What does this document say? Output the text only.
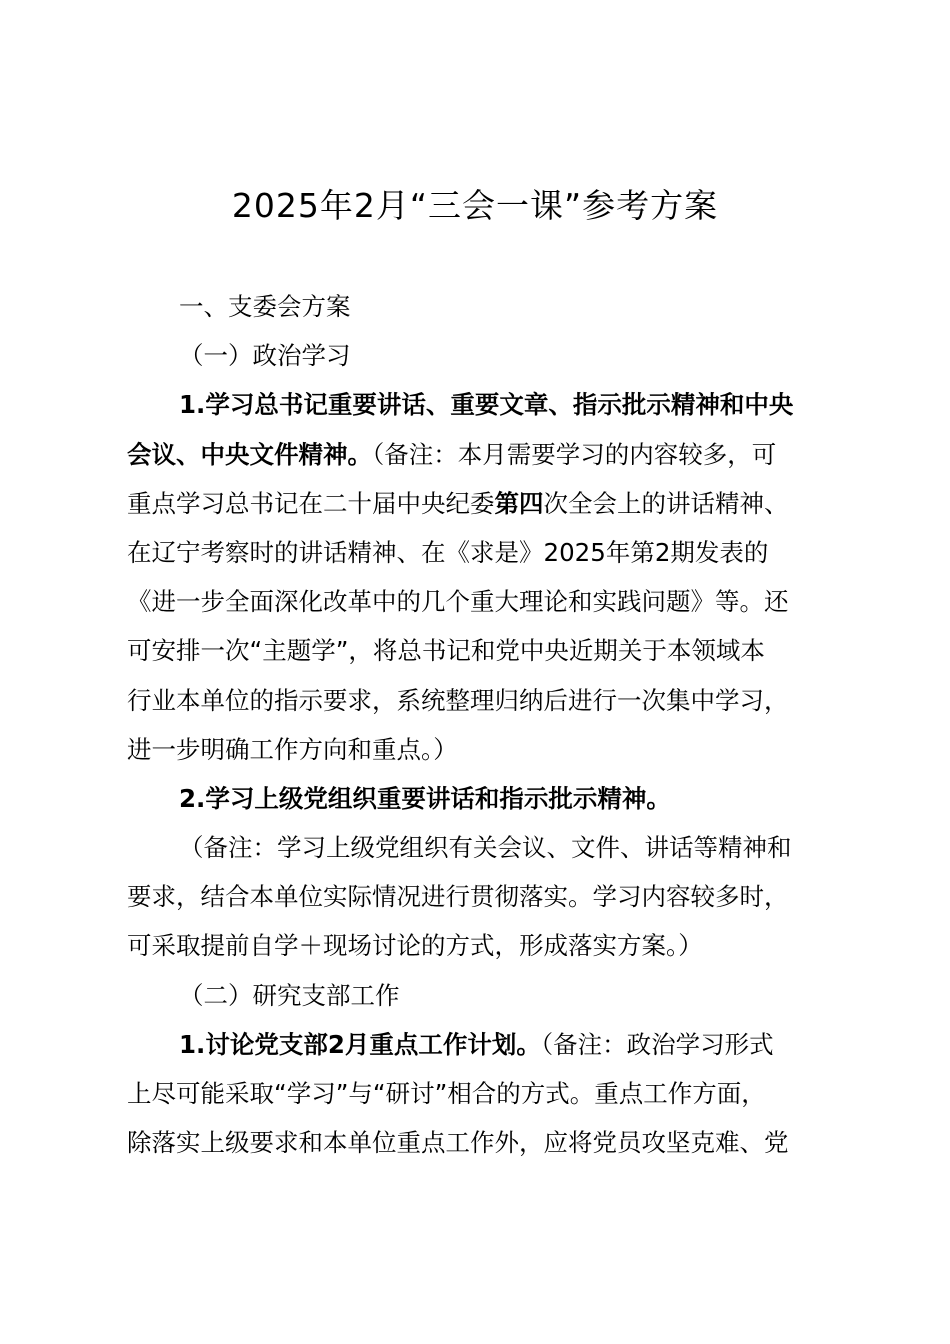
2025年2月“三会一课”参考方案
一、支委会方案
（一）政治学习
1.学习总书记重要讲话、重要文章、指示批示精神和中央
会议、中央文件精神。（备注：本月需要学习的内容较多，可
重点学习总书记在二十届中央纪委第四次全会上的讲话精神、
在辽宁考察时的讲话精神、在《求是》2025年第2期发表的
《进一步全面深化改革中的几个重大理论和实践问题》等。还
可安排一次“主题学”，将总书记和党中央近期关于本领域本
行业本单位的指示要求，系统整理归纳后进行一次集中学习，
进一步明确工作方向和重点。）
2.学习上级党组织重要讲话和指示批示精神。
（备注：学习上级党组织有关会议、文件、讲话等精神和
要求，结合本单位实际情况进行贯彻落实。学习内容较多时，
可采取提前自学＋现场讨论的方式，形成落实方案。）
（二）研究支部工作
1.讨论党支部2月重点工作计划。（备注：政治学习形式
上尽可能采取“学习”与“研讨”相合的方式。重点工作方面，
除落实上级要求和本单位重点工作外，应将党员攻坚克难、党
